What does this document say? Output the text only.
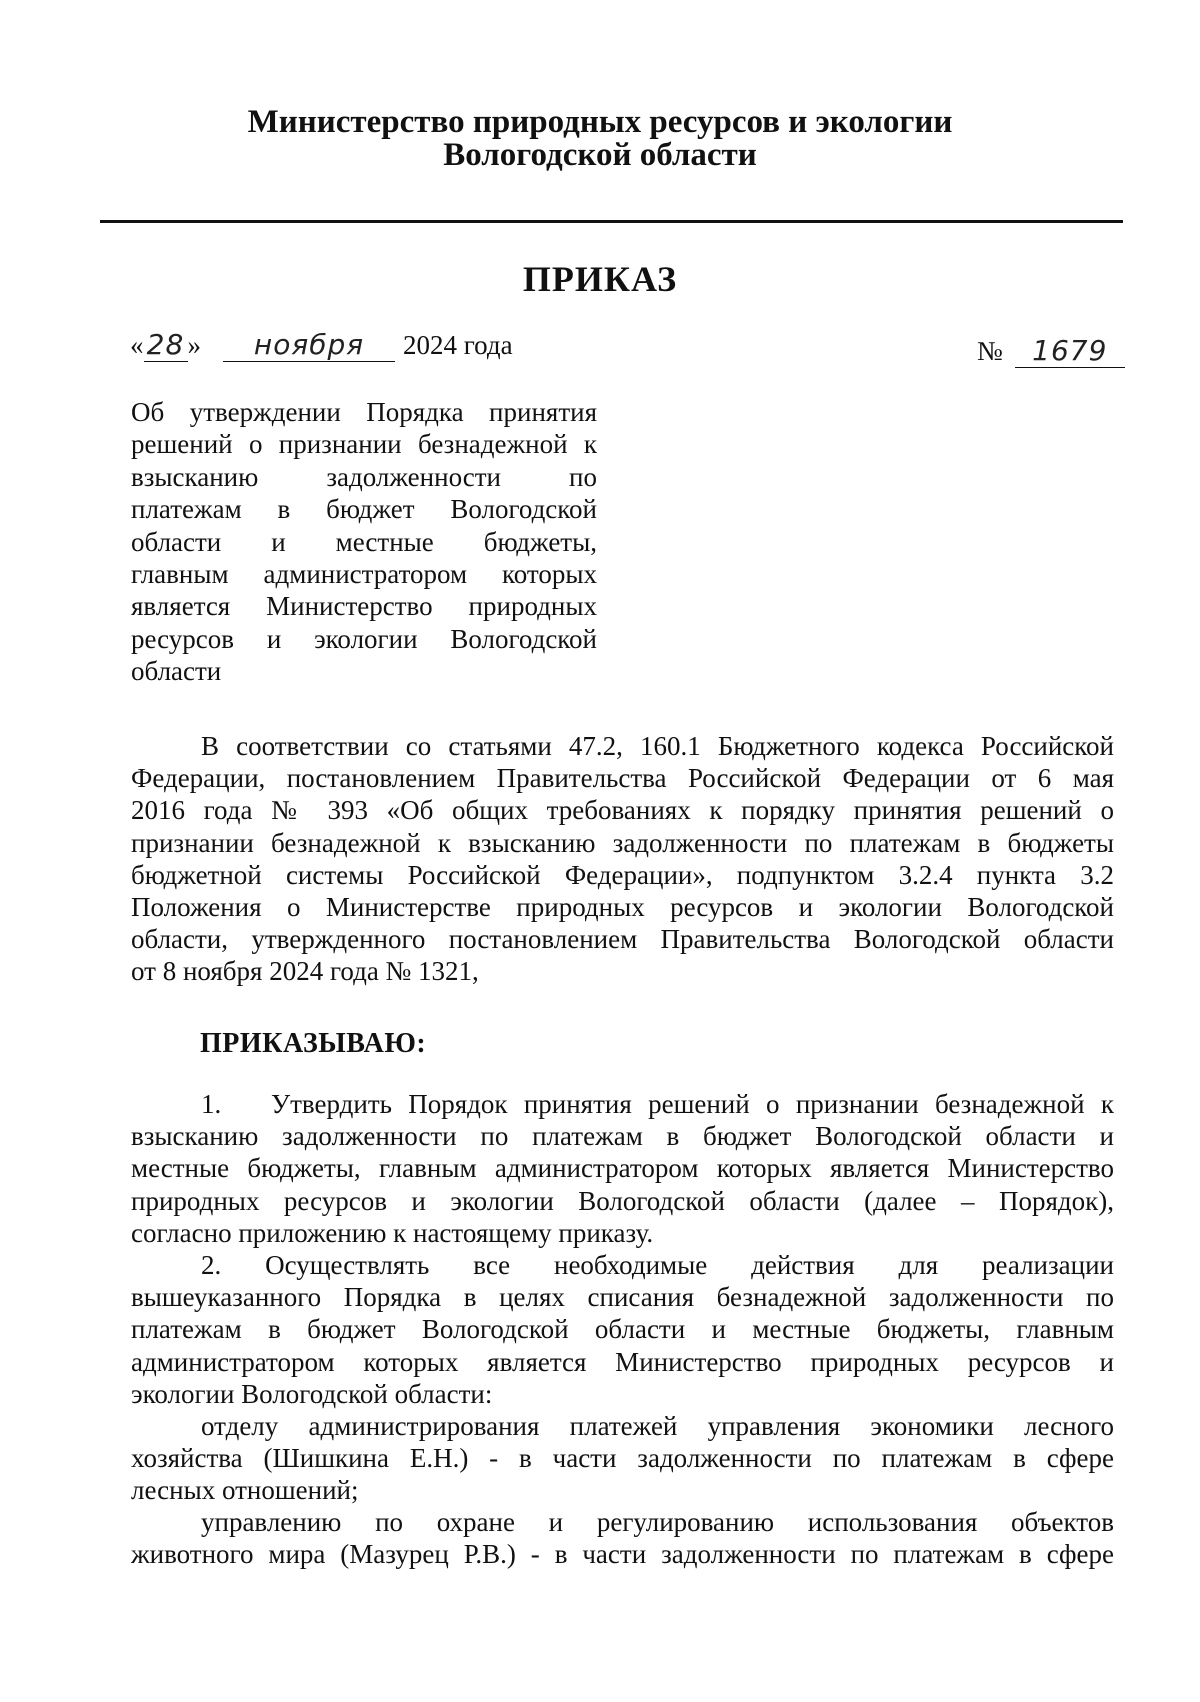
Министерство природных ресурсов и экологии
Вологодской области
ПРИКАЗ
« 28 »	ноября	2024 года	№	1679
Об утверждении Порядка принятия
решений о признании безнадежной к
взысканию задолженности по
платежам в бюджет Вологодской
области и местные бюджеты,
главным администратором которых
является Министерство природных
ресурсов и экологии Вологодской
области
В соответствии со статьями 47.2, 160.1 Бюджетного кодекса Российской
Федерации, постановлением Правительства Российской Федерации от 6 мая
2016 года № 393 «Об общих требованиях к порядку принятия решений о
признании безнадежной к взысканию задолженности по платежам в бюджеты
бюджетной системы Российской Федерации», подпунктом 3.2.4 пункта 3.2
Положения о Министерстве природных ресурсов и экологии Вологодской
области, утвержденного постановлением Правительства Вологодской области
от 8 ноября 2024 года № 1321,
ПРИКАЗЫВАЮ:
1. Утвердить Порядок принятия решений о признании безнадежной к
взысканию задолженности по платежам в бюджет Вологодской области и
местные бюджеты, главным администратором которых является Министерство
природных ресурсов и экологии Вологодской области (далее – Порядок),
согласно приложению к настоящему приказу.
2. Осуществлять все необходимые действия для реализации
вышеуказанного Порядка в целях списания безнадежной задолженности по
платежам в бюджет Вологодской области и местные бюджеты, главным
администратором которых является Министерство природных ресурсов и
экологии Вологодской области:
отделу администрирования платежей управления экономики лесного
хозяйства (Шишкина Е.Н.) - в части задолженности по платежам в сфере
лесных отношений;
управлению по охране и регулированию использования объектов
животного мира (Мазурец Р.В.) - в части задолженности по платежам в сфере
